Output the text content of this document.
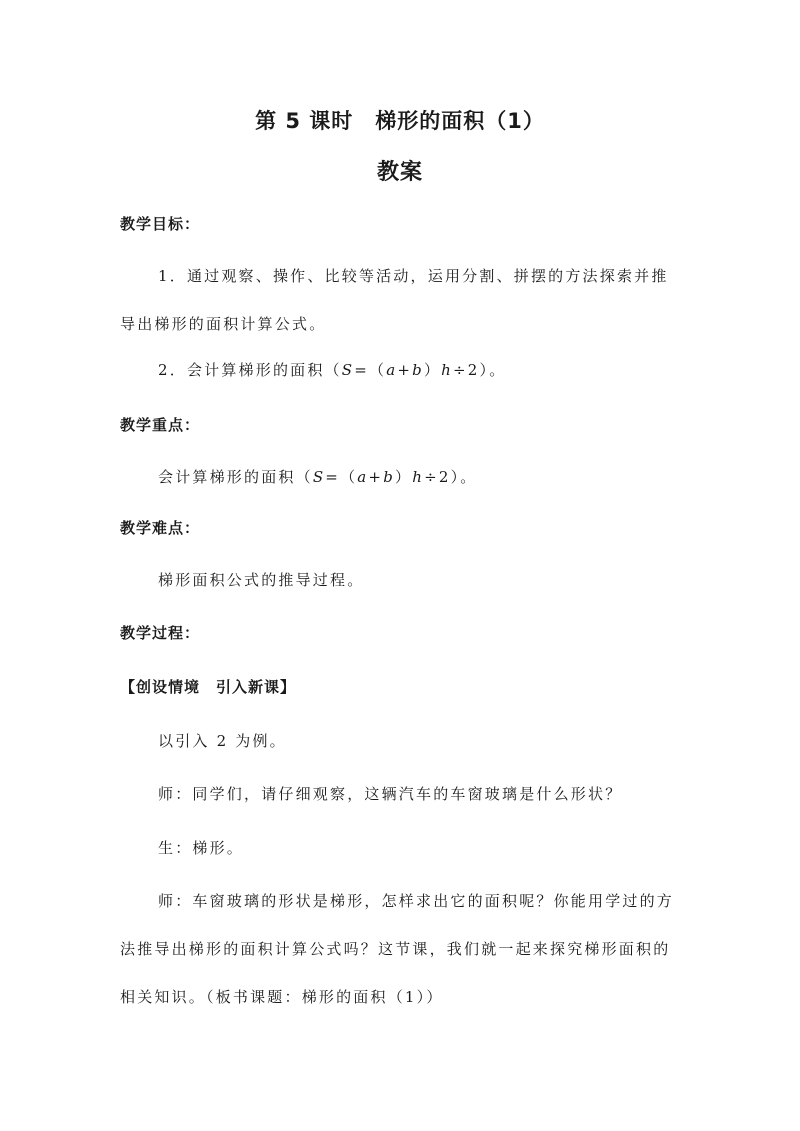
第 5 课时　梯形的面积（1）
教案

教学目标：

1．通过观察、操作、比较等活动，运用分割、拼摆的方法探索并推导出梯形的面积计算公式。

2．会计算梯形的面积（S=（a+b）h÷2）。

教学重点：

会计算梯形的面积（S=（a+b）h÷2）。

教学难点：

梯形面积公式的推导过程。

教学过程：

【创设情境　引入新课】

以引入 2 为例。

师：同学们，请仔细观察，这辆汽车的车窗玻璃是什么形状？

生：梯形。

师：车窗玻璃的形状是梯形，怎样求出它的面积呢？你能用学过的方法推导出梯形的面积计算公式吗？这节课，我们就一起来探究梯形面积的相关知识。（板书课题：梯形的面积（1））
